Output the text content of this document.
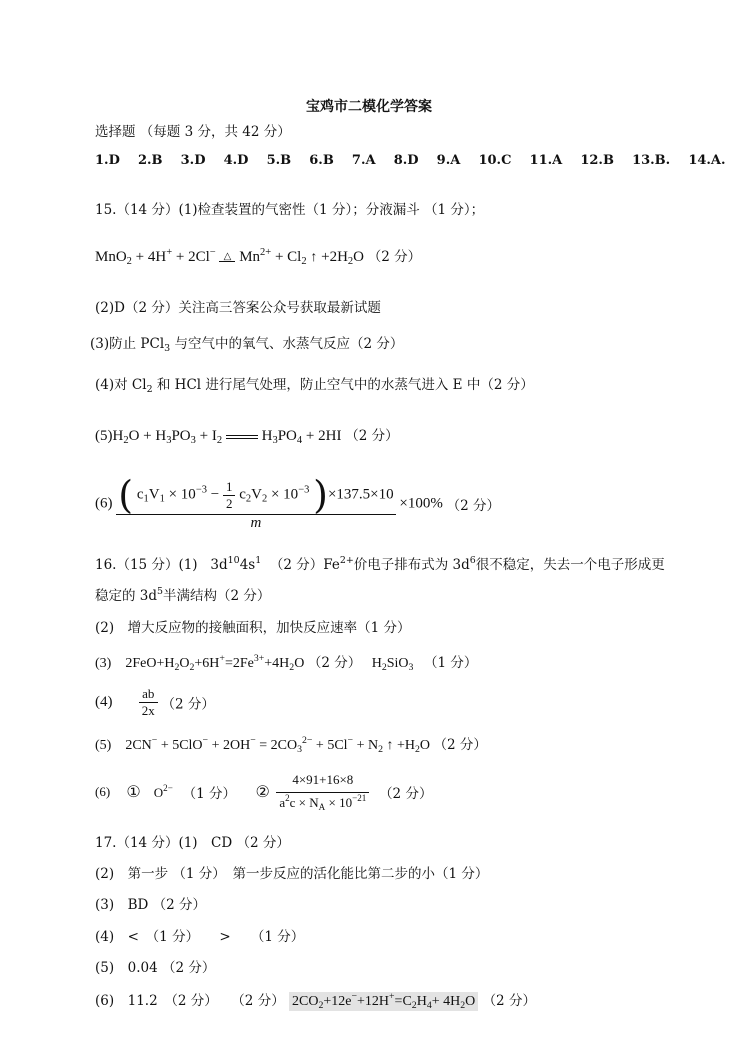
宝鸡市二模化学答案
选择题 （每题 3 分，共 42 分）
1.D 2.B 3.D 4.D 5.B 6.B 7.A 8.D 9.A 10.C 11.A 12.B 13.B. 14.A.
15.（14 分）(1)检查装置的气密性（1 分）；分液漏斗 （1 分）；
MnO$_2$ + 4H+ + 2Cl− △ $Mn^{2+} + Cl_2$ ↑ $+2H_2O$ （2 分）
(2)D（2 分）关注高三答案公众号获取最新试题
(3)防止 PCl$_3$ 与空气中的氧气、水蒸气反应（2 分）
(4)对 $Cl_2$ 和 HCl 进行尾气处理，防止空气中的水蒸气进入 E 中（2 分）
$(5)H_2O + H_3PO_3 + I_2$  $H_3PO_4 + 2HI$ （2 分）
(6) ( $c_1V_1 \times 10^{-3} - \frac{1}{2} c_2V_2 \times 10^{-3}$ )×137.5×10
m
×100% （2 分）
16.（15 分）(1)   $3d^{10}4s^1$ （2 分）$Fe^{2+}$价电子排布式为 $3d^6$很不稳定，失去一个电子形成更
稳定的 $3d^5$半满结构（2 分）
(2)　增大反应物的接触面积，加快反应速率（1 分）
(3)    $2FeO+H_2O_2+6H^+=2Fe^{3+}+4H_2O$ （2 分） $H_2SiO_3$ （1 分）
$(4) \frac{ab}{2x} (2$ 分）
(5)    $2CN^- + 5ClO^- + 2OH^- = 2CO_3^{2-} + 5Cl^- + N_2$ ↑ $+H_2O$ （2 分）
(6) ① $O^{2-}$ （1 分） ② $\frac{4\times 91+16\times 8}{a^2c \times N_A \times 10^{-21}} (2$ 分）
17.（14 分）(1)　CD （2 分）
(2)　第一步 （1 分）　第一步反应的活化能比第二步的小（1 分）
(3)　BD （2 分）
(4)　<　（1 分）　　>　　（1 分）
(5)　0.04 （2 分）
(6)　11.2　（2 分）　　（2 分） $2CO_2+12e^-+12H^+=C_2H_4+ 4H_2O$ （2 分）
